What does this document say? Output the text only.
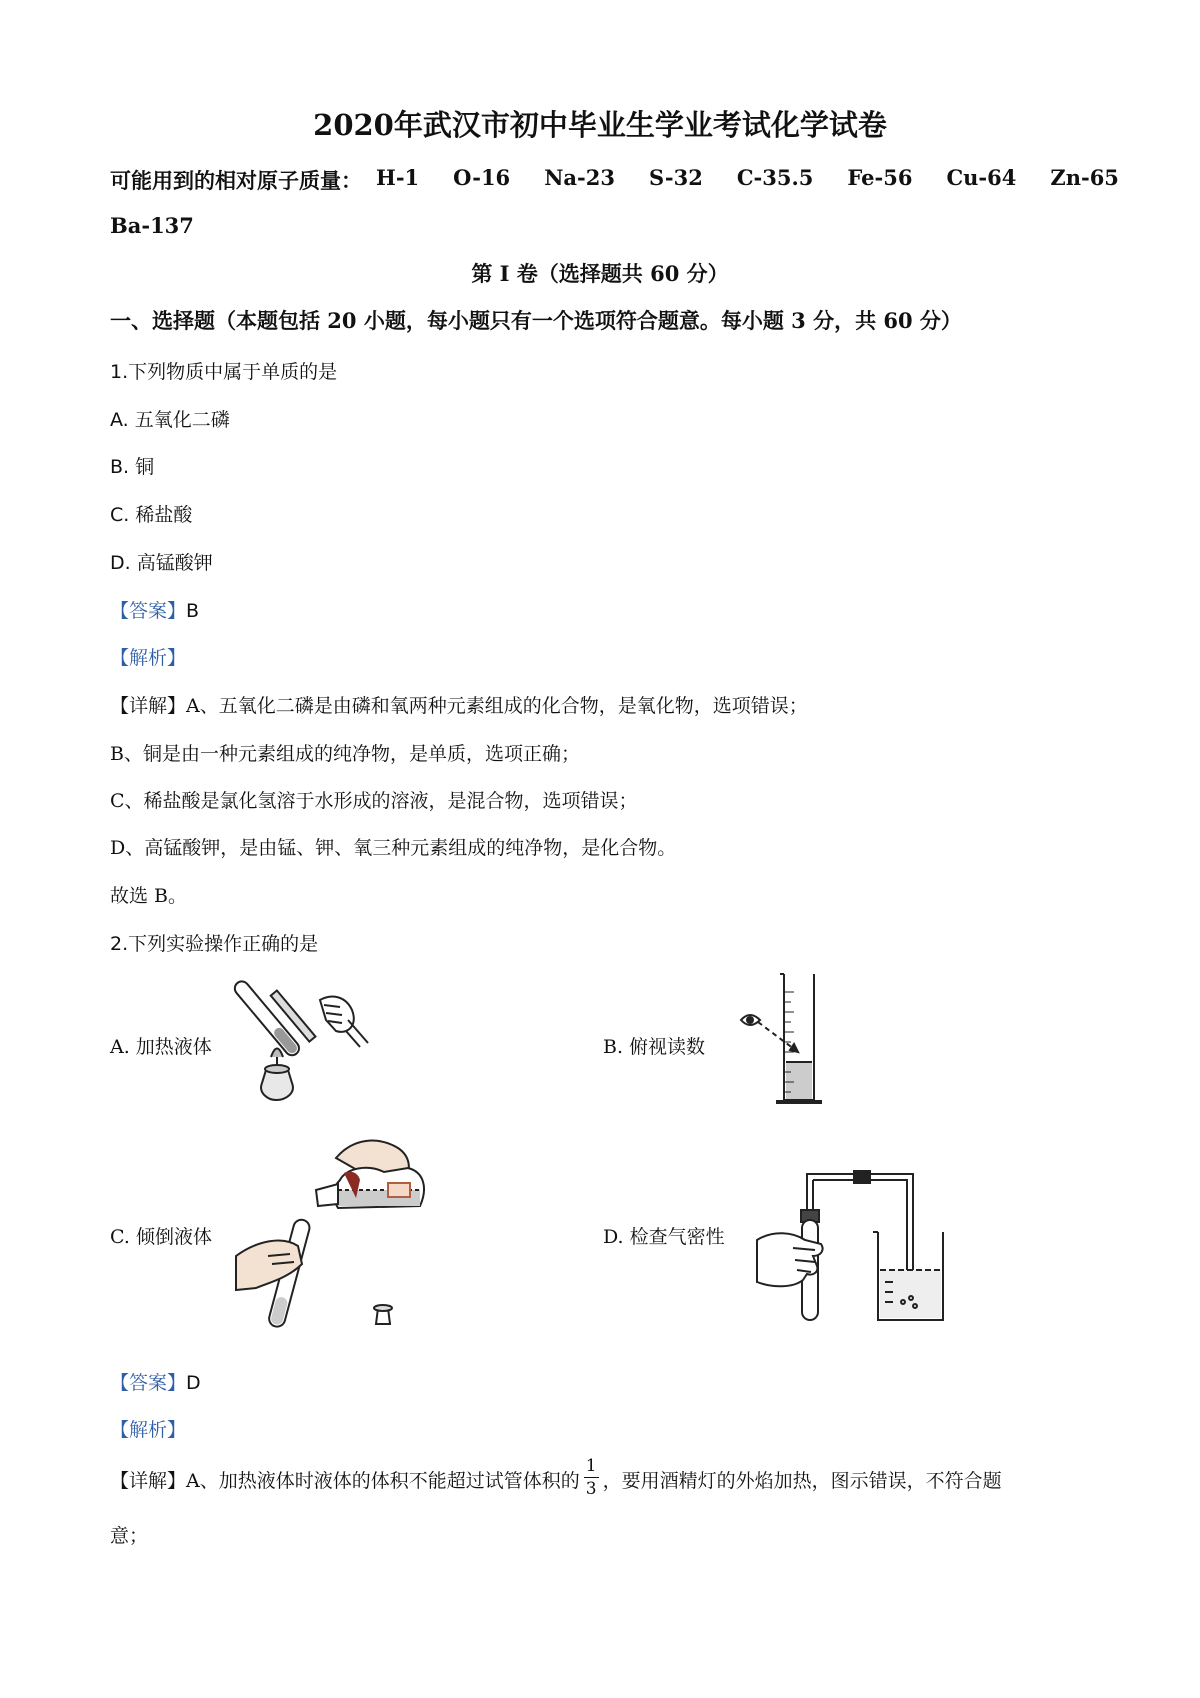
2020年武汉市初中毕业生学业考试化学试卷
可能用到的相对原子质量： H-1 O-16 Na-23 S-32 C-35.5 Fe-56 Cu-64 Zn-65
Ba-137
第 I 卷（选择题共 60 分）
一、选择题（本题包括 20 小题，每小题只有一个选项符合题意。每小题 3 分，共 60 分）
1.下列物质中属于单质的是
A. 五氧化二磷
B. 铜
C. 稀盐酸
D. 高锰酸钾
【答案】B
【解析】
【详解】A、五氧化二磷是由磷和氧两种元素组成的化合物，是氧化物，选项错误；
B、铜是由一种元素组成的纯净物，是单质，选项正确；
C、稀盐酸是氯化氢溶于水形成的溶液，是混合物，选项错误；
D、高锰酸钾，是由锰、钾、氧三种元素组成的纯净物，是化合物。
故选 B。
2.下列实验操作正确的是
A. 加热液体	B. 俯视读数
C. 倾倒液体	D. 检查气密性
【答案】D
【解析】
【详解】A、加热液体时液体的体积不能超过试管体积的 $\frac{1}{3}$ ，要用酒精灯的外焰加热，图示错误，不符合题
意；
